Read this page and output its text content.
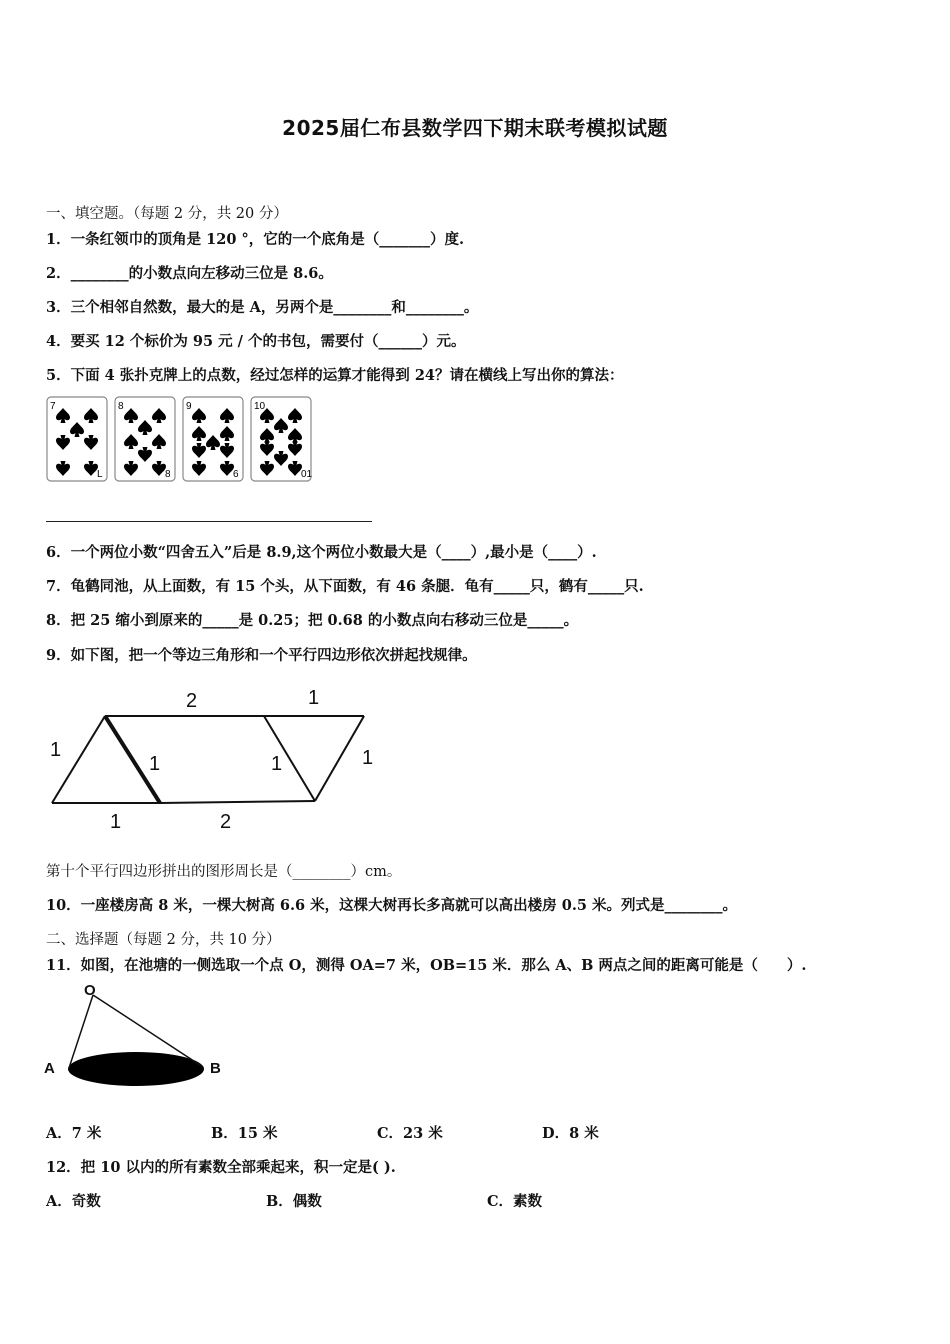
2025届仁布县数学四下期末联考模拟试题
一、填空题。（每题 2 分，共 20 分）
1．一条红领巾的顶角是 120 °，它的一个底角是（_______）度.
2．________的小数点向左移动三位是 8.6。
3．三个相邻自然数，最大的是 A，另两个是________和________。
4．要买 12 个标价为 95 元 / 个的书包，需要付（______）元。
5．下面 4 张扑克牌上的点数，经过怎样的运算才能得到 24？请在横线上写出你的算法：
7
L
8
8
9
6
10
01
6．一个两位小数“四舍五入”后是 8.9,这个两位小数最大是（____）,最小是（____）.
7．龟鹤同池，从上面数，有 15 个头，从下面数，有 46 条腿．龟有_____只，鹤有_____只.
8．把 25 缩小到原来的_____是 0.25；把 0.68 的小数点向右移动三位是_____。
9．如下图，把一个等边三角形和一个平行四边形依次拼起找规律。
2	1
1
1	1	1
1	2
第十个平行四边形拼出的图形周长是（________）cm。
10．一座楼房高 8 米，一棵大树高 6.6 米，这棵大树再长多高就可以高出楼房 0.5 米。列式是________。
二、选择题（每题 2 分，共 10 分）
11．如图，在池塘的一侧选取一个点 O，测得 OA=7 米，OB=15 米．那么 A、B 两点之间的距离可能是（　　）.
O
A	B
A．7 米	B．15 米	C．23 米	D．8 米
12．把 10 以内的所有素数全部乘起来，积一定是( ).
A．奇数	B．偶数	C．素数
